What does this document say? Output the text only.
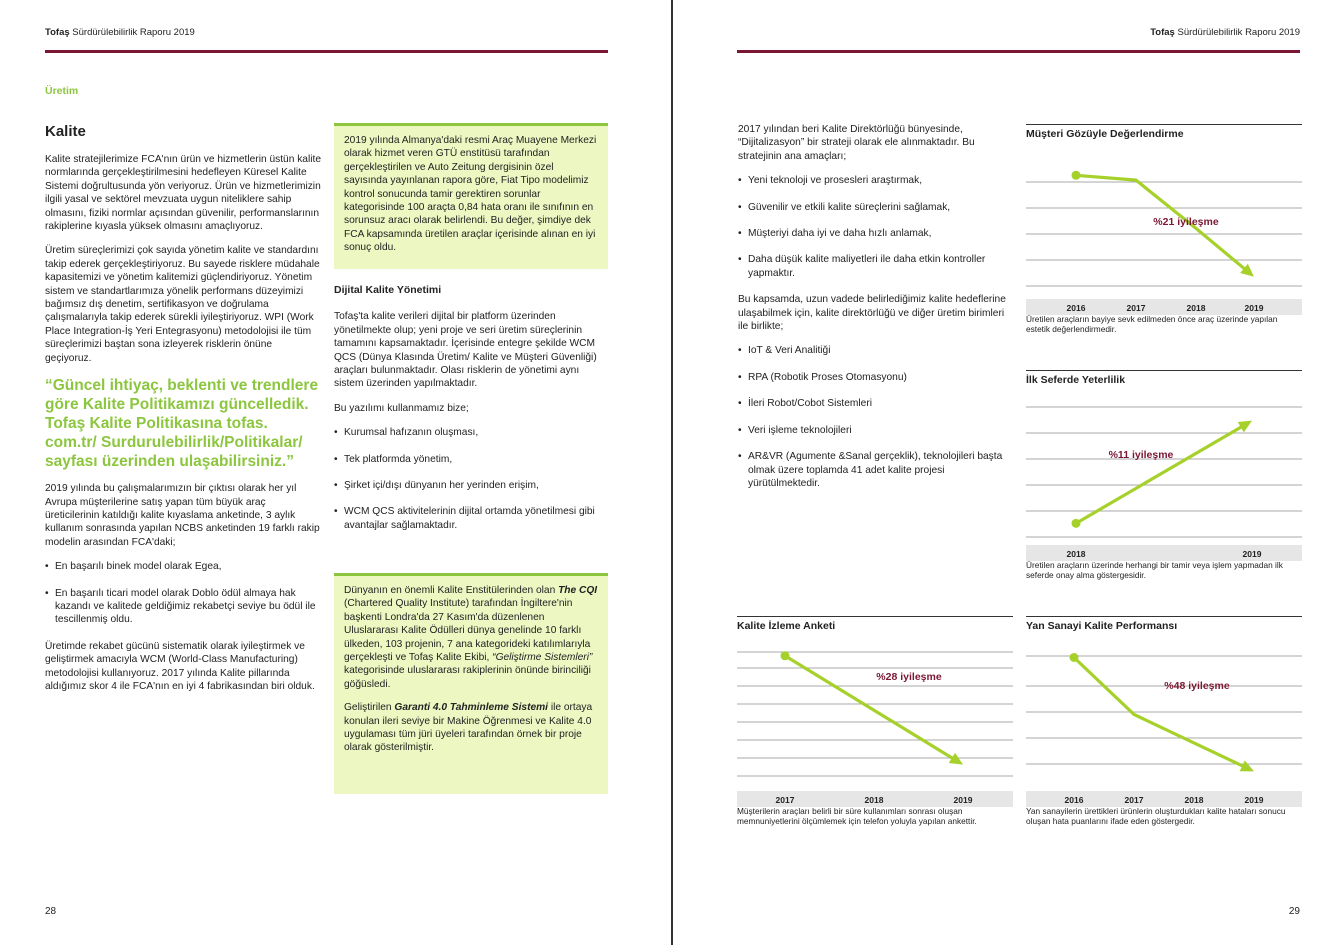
Tofaş Sürdürülebilirlik Raporu 2019
Üretim
Kalite

Kalite stratejilerimize FCA'nın ürün ve hizmetlerin üstün kalite normlarında gerçekleştirilmesini hedefleyen Küresel Kalite Sistemi doğrultusunda yön veriyoruz. Ürün ve hizmetlerimizin ilgili yasal ve sektörel mevzuata uygun niteliklere sahip olmasını, fiziki normlar açısından güvenilir, performanslarının rakiplerine kıyasla yüksek olmasını amaçlıyoruz.

Üretim süreçlerimizi çok sayıda yönetim kalite ve standardını takip ederek gerçekleştiriyoruz. Bu sayede risklere müdahale kapasitemizi ve yönetim kalitemizi güçlendiriyoruz. Yönetim sistem ve standartlarımıza yönelik performans düzeyimizi bağımsız dış denetim, sertifikasyon ve doğrulama çalışmalarıyla takip ederek sürekli iyileştiriyoruz. WPI (Work Place Integration-İş Yeri Entegrasyonu) metodolojisi ile tüm süreçlerimizi baştan sona izleyerek risklerin önüne geçiyoruz.

“Güncel ihtiyaç, beklenti ve trendlere göre Kalite Politikamızı güncelledik. Tofaş Kalite Politikasına tofas. com.tr/ Surdurulebilirlik/Politikalar/ sayfası üzerinden ulaşabilirsiniz.”

2019 yılında bu çalışmalarımızın bir çıktısı olarak her yıl Avrupa müşterilerine satış yapan tüm büyük araç üreticilerinin katıldığı kalite kıyaslama anketinde, 3 aylık kullanım sonrasında yapılan NCBS anketinden 19 farklı rakip modelin arasından FCA'daki;

• En başarılı binek model olarak Egea,
• En başarılı ticari model olarak Doblo ödül almaya hak kazandı ve kalitede geldiğimiz rekabetçi seviye bu ödül ile tescillenmiş oldu.

Üretimde rekabet gücünü sistematik olarak iyileştirmek ve geliştirmek amacıyla WCM (World-Class Manufacturing) metodolojisi kullanıyoruz. 2017 yılında Kalite pillarında aldığımız skor 4 ile FCA'nın en iyi 4 fabrikasından biri olduk.

2019 yılında Almanya'daki resmi Araç Muayene Merkezi olarak hizmet veren GTÜ enstitüsü tarafından gerçekleştirilen ve Auto Zeitung dergisinin özel sayısında yayınlanan rapora göre, Fiat Tipo modelimiz kontrol sonucunda tamir gerektiren sorunlar kategorisinde 100 araçta 0,84 hata oranı ile sınıfının en sorunsuz aracı olarak belirlendi. Bu değer, şimdiye dek FCA kapsamında üretilen araçlar içerisinde alınan en iyi sonuç oldu.
Dijital Kalite Yönetimi

Tofaş'ta kalite verileri dijital bir platform üzerinden yönetilmekte olup; yeni proje ve seri üretim süreçlerinin tamamını kapsamaktadır. İçerisinde entegre şekilde WCM QCS (Dünya Klasında Üretim/ Kalite ve Müşteri Güvenliği) araçları bulunmaktadır. Olası risklerin de yönetimi aynı sistem üzerinden yapılmaktadır.

Bu yazılımı kullanmamız bize;

• Kurumsal hafızanın oluşması,
• Tek platformda yönetim,
• Şirket içi/dışı dünyanın her yerinden erişim,
• WCM QCS aktivitelerinin dijital ortamda yönetilmesi gibi avantajlar sağlamaktadır.

Dünyanın en önemli Kalite Enstitülerinden olan The CQI (Chartered Quality Institute) tarafından İngiltere'nin başkenti Londra'da 27 Kasım'da düzenlenen Uluslararası Kalite Ödülleri dünya genelinde 10 farklı ülkeden, 103 projenin, 7 ana kategorideki katılımlarıyla gerçekleşti ve Tofaş Kalite Ekibi, “Geliştirme Sistemleri” kategorisinde uluslararası rakiplerinin önünde birinciliği göğüsledi.

Geliştirilen Garanti 4.0 Tahminleme Sistemi ile ortaya konulan ileri seviye bir Makine Öğrenmesi ve Kalite 4.0 uygulaması tüm jüri üyeleri tarafından örnek bir proje olarak gösterilmiştir.

28
Tofaş Sürdürülebilirlik Raporu 2019

2017 yılından beri Kalite Direktörlüğü bünyesinde, “Dijitalizasyon” bir strateji olarak ele alınmaktadır. Bu stratejinin ana amaçları;

• Yeni teknoloji ve prosesleri araştırmak,
• Güvenilir ve etkili kalite süreçlerini sağlamak,
• Müşteriyi daha iyi ve daha hızlı anlamak,
• Daha düşük kalite maliyetleri ile daha etkin kontroller yapmaktır.

Bu kapsamda, uzun vadede belirlediğimiz kalite hedeflerine ulaşabilmek için, kalite direktörlüğü ve diğer üretim birimleri ile birlikte;

• IoT & Veri Analitiği
• RPA (Robotik Proses Otomasyonu)
• İleri Robot/Cobot Sistemleri
• Veri işleme teknolojileri
• AR&VR (Agumente &Sanal gerçeklik), teknolojileri başta olmak üzere toplamda 41 adet kalite projesi yürütülmektedir.
Müşteri Gözüyle Değerlendirme
%21 iyileşme
2016	2017	2018	2019
Üretilen araçların bayiye sevk edilmeden önce araç üzerinde yapılan estetik değerlendirmedir.
İlk Seferde Yeterlilik
%11 iyileşme
2018	2019
Üretilen araçların üzerinde herhangi bir tamir veya işlem yapmadan ilk seferde onay alma göstergesidir.
Kalite İzleme Anketi
%28 iyileşme
2017	2018	2019
Müşterilerin araçları belirli bir süre kullanımları sonrası oluşan memnuniyetlerini ölçümlemek için telefon yoluyla yapılan ankettir.
Yan Sanayi Kalite Performansı
%48 iyileşme
2016	2017	2018	2019
Yan sanayilerin ürettikleri ürünlerin oluşturdukları kalite hataları sonucu oluşan hata puanlarını ifade eden göstergedir.
29
